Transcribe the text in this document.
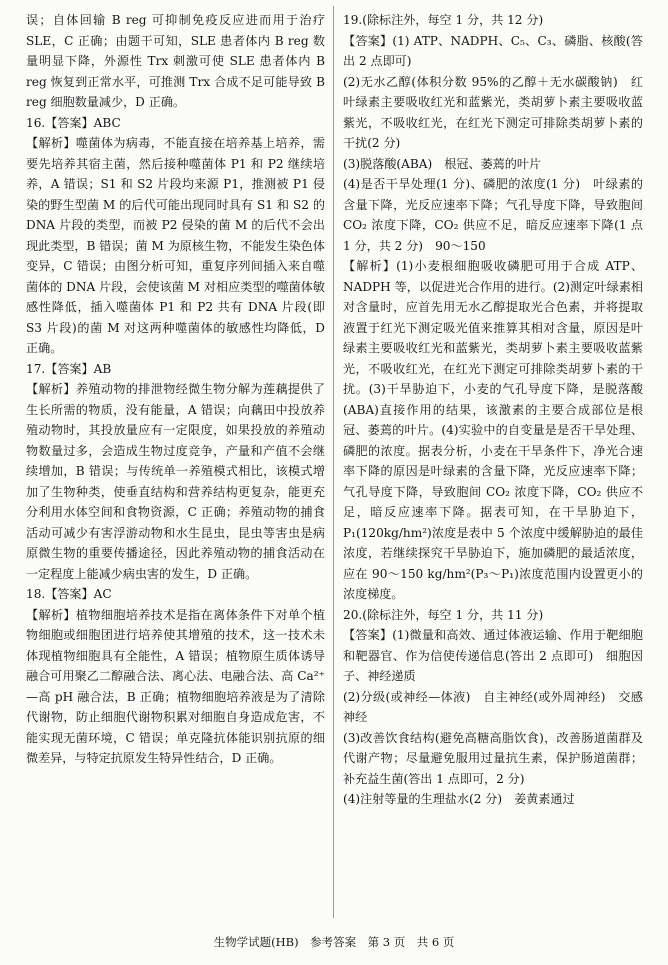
误；自体回输 B reg 可抑制免疫反应进而用于治疗 SLE，C 正确；由题干可知，SLE 患者体内 B reg 数量明显下降，外源性 Trx 刺激可使 SLE 患者体内 B reg 恢复到正常水平，可推测 Trx 合成不足可能导致 B reg 细胞数量减少，D 正确。

16.【答案】ABC

【解析】噬菌体为病毒，不能直接在培养基上培养，需要先培养其宿主菌，然后接种噬菌体 P1 和 P2 继续培养，A 错误；S1 和 S2 片段均来源 P1，推测被 P1 侵染的野生型菌 M 的后代可能出现同时具有 S1 和 S2 的 DNA 片段的类型，而被 P2 侵染的菌 M 的后代不会出现此类型，B 错误；菌 M 为原核生物，不能发生染色体变异，C 错误；由图分析可知，重复序列间插入来自噬菌体的 DNA 片段，会使该菌 M 对相应类型的噬菌体敏感性降低，插入噬菌体 P1 和 P2 共有 DNA 片段(即 S3 片段)的菌 M 对这两种噬菌体的敏感性均降低，D 正确。

17.【答案】AB

【解析】养殖动物的排泄物经微生物分解为莲藕提供了生长所需的物质，没有能量，A 错误；向藕田中投放养殖动物时，其投放量应有一定限度，如果投放的养殖动物数量过多，会造成生物过度竞争，产量和产值不会继续增加，B 错误；与传统单一养殖模式相比，该模式增加了生物种类，使垂直结构和营养结构更复杂，能更充分利用水体空间和食物资源，C 正确；养殖动物的捕食活动可减少有害浮游动物和水生昆虫，昆虫等害虫是病原微生物的重要传播途径，因此养殖动物的捕食活动在一定程度上能减少病虫害的发生，D 正确。

18.【答案】AC

【解析】植物细胞培养技术是指在离体条件下对单个植物细胞或细胞团进行培养使其增殖的技术，这一技术未体现植物细胞具有全能性，A 错误；植物原生质体诱导融合可用聚乙二醇融合法、离心法、电融合法、高 Ca²⁺—高 pH 融合法，B 正确；植物细胞培养液是为了清除代谢物，防止细胞代谢物积累对细胞自身造成危害，不能实现无菌环境，C 错误；单克隆抗体能识别抗原的细微差异，与特定抗原发生特异性结合，D 正确。

19.(除标注外，每空 1 分，共 12 分)

【答案】(1) ATP、NADPH、C₅、C₃、磷脂、核酸(答出 2 点即可)

(2)无水乙醇(体积分数 95%的乙醇＋无水碳酸钠)　红　叶绿素主要吸收红光和蓝紫光，类胡萝卜素主要吸收蓝紫光，不吸收红光，在红光下测定可排除类胡萝卜素的干扰(2 分)

(3)脱落酸(ABA)　根冠、萎蔫的叶片

(4)是否干旱处理(1 分)、磷肥的浓度(1 分)　叶绿素的含量下降，光反应速率下降；气孔导度下降，导致胞间 CO₂ 浓度下降，CO₂ 供应不足，暗反应速率下降(1 点 1 分，共 2 分)　90～150

【解析】(1)小麦根细胞吸收磷肥可用于合成 ATP、NADPH 等，以促进光合作用的进行。(2)测定叶绿素相对含量时，应首先用无水乙醇提取光合色素，并将提取液置于红光下测定吸光值来推算其相对含量，原因是叶绿素主要吸收红光和蓝紫光，类胡萝卜素主要吸收蓝紫光，不吸收红光，在红光下测定可排除类胡萝卜素的干扰。(3)干旱胁迫下，小麦的气孔导度下降，是脱落酸(ABA)直接作用的结果，该激素的主要合成部位是根冠、萎蔫的叶片。(4)实验中的自变量是是否干旱处理、磷肥的浓度。据表分析，小麦在干旱条件下，净光合速率下降的原因是叶绿素的含量下降，光反应速率下降；气孔导度下降，导致胞间 CO₂ 浓度下降，CO₂ 供应不足，暗反应速率下降。据表可知，在干旱胁迫下，P₁(120kg/hm²)浓度是表中 5 个浓度中缓解胁迫的最佳浓度，若继续探究干旱胁迫下，施加磷肥的最适浓度，应在 90～150 kg/hm²(P₃～P₁)浓度范围内设置更小的浓度梯度。

20.(除标注外，每空 1 分，共 11 分)

【答案】(1)微量和高效、通过体液运输、作用于靶细胞和靶器官、作为信使传递信息(答出 2 点即可)　细胞因子、神经递质

(2)分级(或神经—体液)　自主神经(或外周神经)　交感神经

(3)改善饮食结构(避免高糖高脂饮食)，改善肠道菌群及代谢产物；尽量避免服用过量抗生素，保护肠道菌群；补充益生菌(答出 1 点即可，2 分)

(4)注射等量的生理盐水(2 分)　姜黄素通过

生物学试题(HB)　参考答案　第 3 页　共 6 页
